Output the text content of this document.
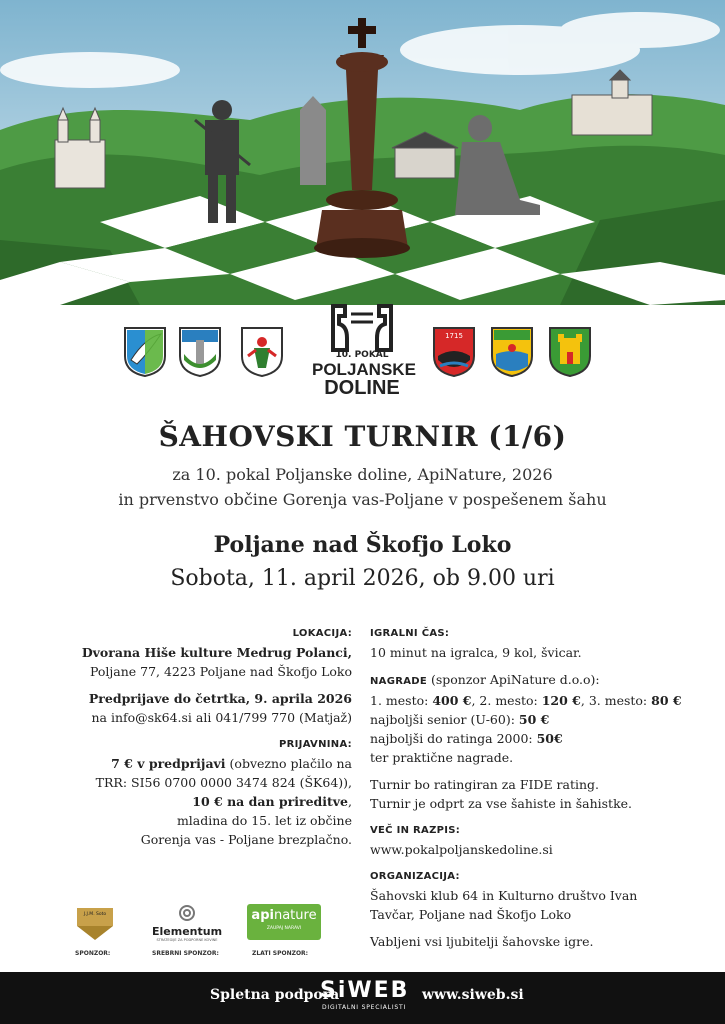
1715
10. POKAL
POLJANSKE
DOLINE
ŠAHOVSKI TURNIR (1/6)
za 10. pokal Poljanske doline, ApiNature, 2026
in prvenstvo občine Gorenja vas-Poljane v pospešenem šahu
Poljane nad Škofjo Loko
Sobota, 11. april 2026, ob 9.00 uri
LOKACIJA:
Dvorana Hiše kulture Medrug Polanci,
Poljane 77, 4223 Poljane nad Škofjo Loko
Predprijave do četrtka, 9. aprila 2026
na info@sk64.si ali 041/799 770 (Matjaž)
PRIJAVNINA:
7 € v predprijavi (obvezno plačilo na
TRR: SI56 0700 0000 3474 824 (ŠK64)),
10 € na dan prireditve,
mladina do 15. let iz občine
Gorenja vas - Poljane brezplačno.
IGRALNI ČAS:
10 minut na igralca, 9 kol, švicar.
NAGRADE (sponzor ApiNature d.o.o):
1. mesto: 400 €, 2. mesto: 120 €, 3. mesto: 80 €
najboljši senior (U-60): 50 €
najboljši do ratinga 2000: 50€
ter praktične nagrade.
Turnir bo ratingiran za FIDE rating.
Turnir je odprt za vse šahiste in šahistke.
VEČ IN RAZPIS:
www.pokalpoljanskedoline.si
ORGANIZACIJA:
Šahovski klub 64 in Kulturno društvo Ivan
Tavčar, Poljane nad Škofjo Loko
Vabljeni vsi ljubitelji šahovske igre.
J.J.M. Soto
SPONZOR:
Elementum
STRATEGIJE ZA PODPORNE KOVINE
SREBRNI SPONZOR:
apinature
ZAUPAJ NARAVI
ZLATI SPONZOR:
Spletna podpora
SiWEB
DIGITALNI SPECIALISTI
www.siweb.si
